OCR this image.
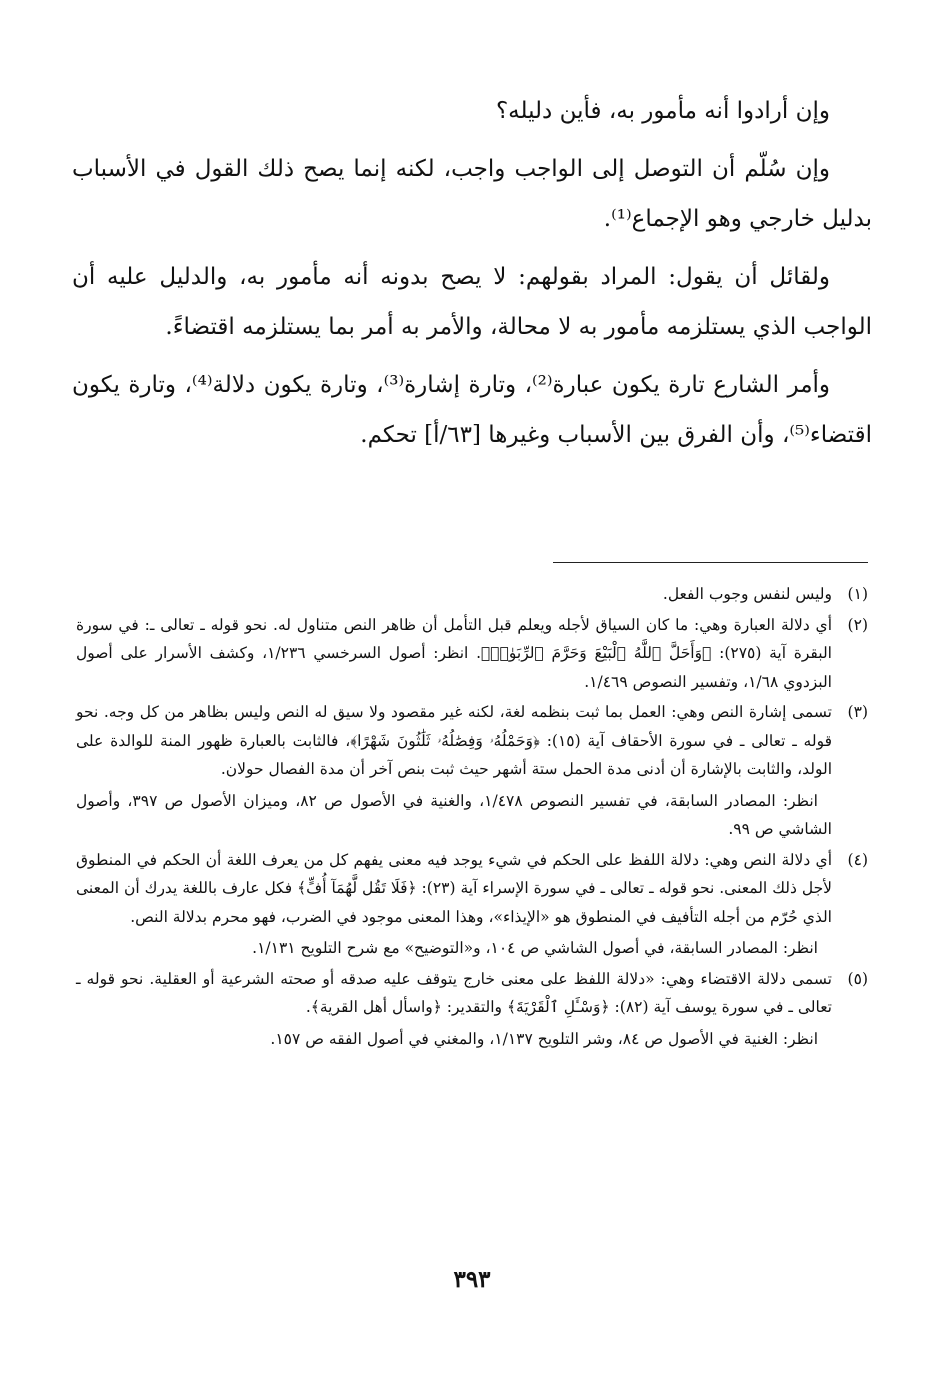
وإن أرادوا أنه مأمور به، فأين دليله؟

وإن سُلّم أن التوصل إلى الواجب واجب، لكنه إنما يصح ذلك القول في الأسباب بدليل خارجي وهو الإجماع⁽¹⁾.

ولقائل أن يقول: المراد بقولهم: لا يصح بدونه أنه مأمور به، والدليل عليه أن الواجب الذي يستلزمه مأمور به لا محالة، والأمر به أمر بما يستلزمه اقتضاءً.

وأمر الشارع تارة يكون عبارة⁽²⁾، وتارة إشارة⁽³⁾، وتارة يكون دلالة⁽⁴⁾، وتارة يكون اقتضاء⁽⁵⁾، وأن الفرق بين الأسباب وغيرها [٦٣/أ] تحكم.

(١)

وليس لنفس وجوب الفعل.

(٢)

أي دلالة العبارة وهي: ما كان السياق لأجله ويعلم قبل التأمل أن ظاهر النص متناول له. نحو قوله ـ تعالى ـ: في سورة البقرة آية (٢٧٥): ﴿وَأَحَلَّ ٱللَّهُ ٱلْبَيْعَ وَحَرَّمَ ٱلرِّبَوٰا۟﴾. انظر: أصول السرخسي ١/٢٣٦، وكشف الأسرار على أصول البزدوي ١/٦٨، وتفسير النصوص ١/٤٦٩.

(٣)

تسمى إشارة النص وهي: العمل بما ثبت بنظمه لغة، لكنه غير مقصود ولا سيق له النص وليس بظاهر من كل وجه. نحو قوله ـ تعالى ـ في سورة الأحقاف آية (١٥): ﴿وَحَمْلُهُۥ وَفِصَٰلُهُۥ ثَلَٰثُونَ شَهْرًا﴾، فالثابت بالعبارة ظهور المنة للوالدة على الولد، والثابت بالإشارة أن أدنى مدة الحمل ستة أشهر حيث ثبت بنص آخر أن مدة الفصال حولان.

انظر: المصادر السابقة، في تفسير النصوص ١/٤٧٨، والغنية في الأصول ص ٨٢، وميزان الأصول ص ٣٩٧، وأصول الشاشي ص ٩٩.

(٤)

أي دلالة النص وهي: دلالة اللفظ على الحكم في شيء يوجد فيه معنى يفهم كل من يعرف اللغة أن الحكم في المنطوق لأجل ذلك المعنى. نحو قوله ـ تعالى ـ في سورة الإسراء آية (٢٣): ﴿فَلَا تَقُل لَّهُمَآ أُفٍّ﴾ فكل عارف باللغة يدرك أن المعنى الذي حُرّم من أجله التأفيف في المنطوق هو «الإيذاء»، وهذا المعنى موجود في الضرب، فهو محرم بدلالة النص.

انظر: المصادر السابقة، في أصول الشاشي ص ١٠٤، و«التوضيح» مع شرح التلويح ١/١٣١.

(٥)

تسمى دلالة الاقتضاء وهي: «دلالة اللفظ على معنى خارج يتوقف عليه صدقه أو صحته الشرعية أو العقلية. نحو قوله ـ تعالى ـ في سورة يوسف آية (٨٢): ﴿وَسْـَٔلِ ٱلْقَرْيَةَ﴾ والتقدير: ﴿واسأل أهل القرية﴾.

انظر: الغنية في الأصول ص ٨٤، وشر التلويح ١/١٣٧، والمغني في أصول الفقه ص ١٥٧.

٣٩٣
